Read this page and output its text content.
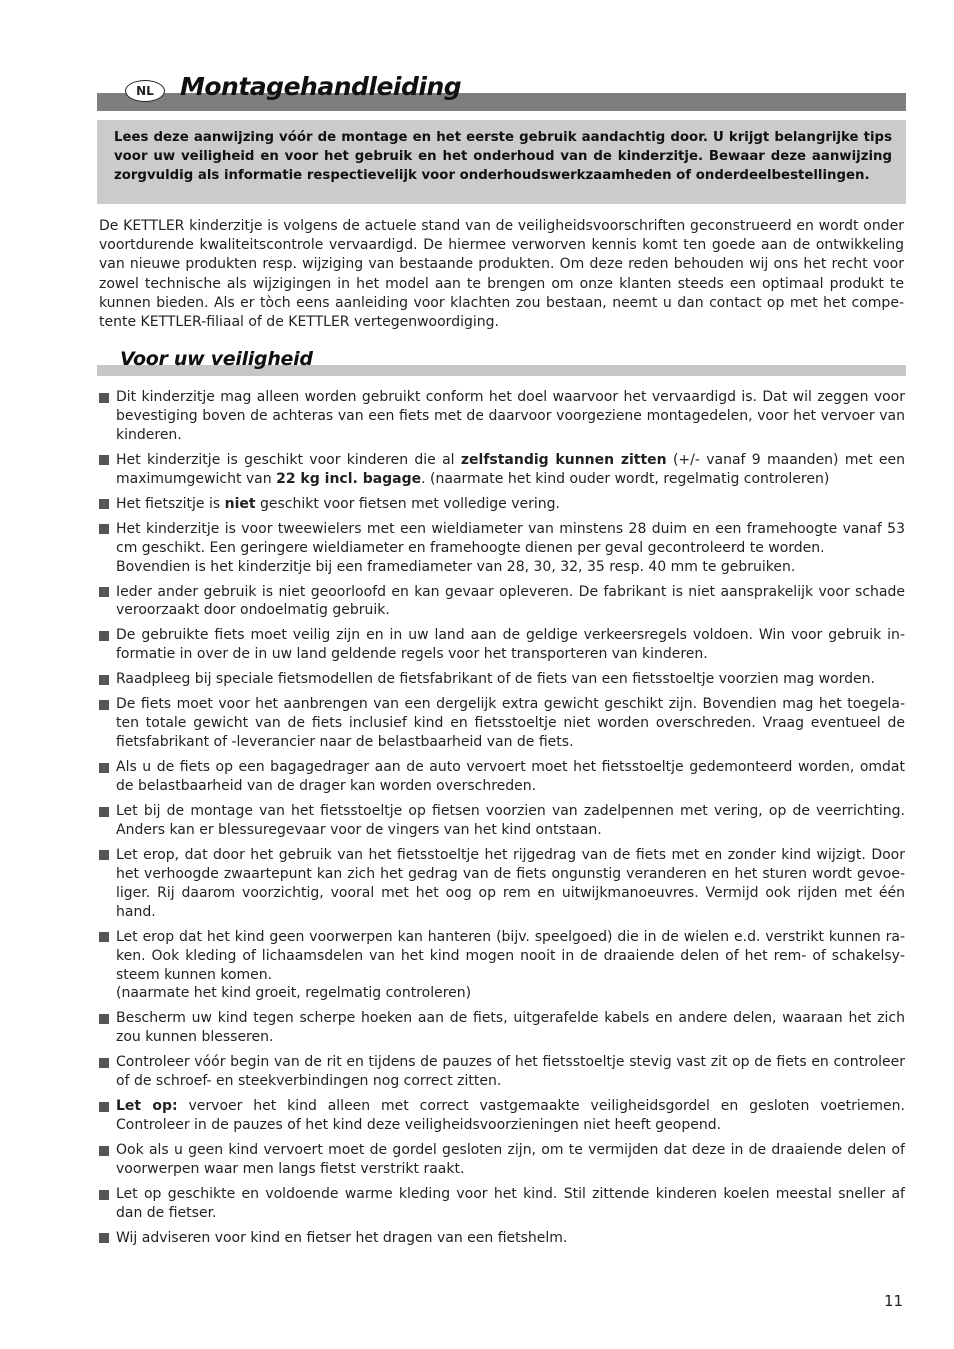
NL	Montagehandleiding
Lees deze aanwijzing vóór de montage en het eerste gebruik aandachtig door. U krijgt belangrijke tips voor uw veiligheid en voor het gebruik en het onderhoud van de kinderzitje. Bewaar deze aanwijzing zorgvuldig als informatie respectievelijk voor onderhoudswerkzaamheden of onderdeelbestellingen.
De KETTLER kinderzitje is volgens de actuele stand van de veiligheidsvoorschriften geconstrueerd en wordt onder voortdurende kwaliteitscontrole vervaardigd. De hiermee verworven kennis komt ten goede aan de ontwikkeling van nieuwe produkten resp. wijziging van bestaande produkten. Om deze reden behouden wij ons het recht voor zowel technische als wijzigingen in het model aan te brengen om onze klanten steeds een optimaal produkt te kunnen bieden. Als er tòch eens aanleiding voor klachten zou bestaan, neemt u dan contact op met het competente KETTLER-filiaal of de KETTLER vertegenwoordiging.
Voor uw veiligheid
Dit kinderzitje mag alleen worden gebruikt conform het doel waarvoor het vervaardigd is. Dat wil zeggen voor bevestiging boven de achteras van een fiets met de daarvoor voorgeziene montagedelen, voor het vervoer van kinderen.
Het kinderzitje is geschikt voor kinderen die al zelfstandig kunnen zitten (+/- vanaf 9 maanden) met een maximumgewicht van 22 kg incl. bagage. (naarmate het kind ouder wordt, regelmatig controleren)
Het fietszitje is niet geschikt voor fietsen met volledige vering.
Het kinderzitje is voor tweewielers met een wieldiameter van minstens 28 duim en een framehoogte vanaf 53 cm geschikt. Een geringere wieldiameter en framehoogte dienen per geval gecontroleerd te worden.
Bovendien is het kinderzitje bij een framediameter van 28, 30, 32, 35 resp. 40 mm te gebruiken.
Ieder ander gebruik is niet geoorloofd en kan gevaar opleveren. De fabrikant is niet aansprakelijk voor schade veroorzaakt door ondoelmatig gebruik.
De gebruikte fiets moet veilig zijn en in uw land aan de geldige verkeersregels voldoen. Win voor gebruik informatie in over de in uw land geldende regels voor het transporteren van kinderen.
Raadpleeg bij speciale fietsmodellen de fietsfabrikant of de fiets van een fietsstoeltje voorzien mag worden.
De fiets moet voor het aanbrengen van een dergelijk extra gewicht geschikt zijn. Bovendien mag het toegelaten totale gewicht van de fiets inclusief kind en fietsstoeltje niet worden overschreden. Vraag eventueel de fietsfabrikant of -leverancier naar de belastbaarheid van de fiets.
Als u de fiets op een bagagedrager aan de auto vervoert moet het fietsstoeltje gedemonteerd worden, omdat de belastbaarheid van de drager kan worden overschreden.
Let bij de montage van het fietsstoeltje op fietsen voorzien van zadelpennen met vering, op de veerrichting. Anders kan er blessuregevaar voor de vingers van het kind ontstaan.
Let erop, dat door het gebruik van het fietsstoeltje het rijgedrag van de fiets met en zonder kind wijzigt. Door het verhoogde zwaartepunt kan zich het gedrag van de fiets ongunstig veranderen en het sturen wordt gevoeliger. Rij daarom voorzichtig, vooral met het oog op rem en uitwijkmanoeuvres. Vermijd ook rijden met één hand.
Let erop dat het kind geen voorwerpen kan hanteren (bijv. speelgoed) die in de wielen e.d. verstrikt kunnen raken. Ook kleding of lichaamsdelen van het kind mogen nooit in de draaiende delen of het rem- of schakelsysteem kunnen komen.
(naarmate het kind groeit, regelmatig controleren)
Bescherm uw kind tegen scherpe hoeken aan de fiets, uitgerafelde kabels en andere delen, waaraan het zich zou kunnen blesseren.
Controleer vóór begin van de rit en tijdens de pauzes of het fietsstoeltje stevig vast zit op de fiets en controleer of de schroef- en steekverbindingen nog correct zitten.
Let op: vervoer het kind alleen met correct vastgemaakte veiligheidsgordel en gesloten voetriemen. Controleer in de pauzes of het kind deze veiligheidsvoorzieningen niet heeft geopend.
Ook als u geen kind vervoert moet de gordel gesloten zijn, om te vermijden dat deze in de draaiende delen of voorwerpen waar men langs fietst verstrikt raakt.
Let op geschikte en voldoende warme kleding voor het kind. Stil zittende kinderen koelen meestal sneller af dan de fietser.
Wij adviseren voor kind en fietser het dragen van een fietshelm.
11
